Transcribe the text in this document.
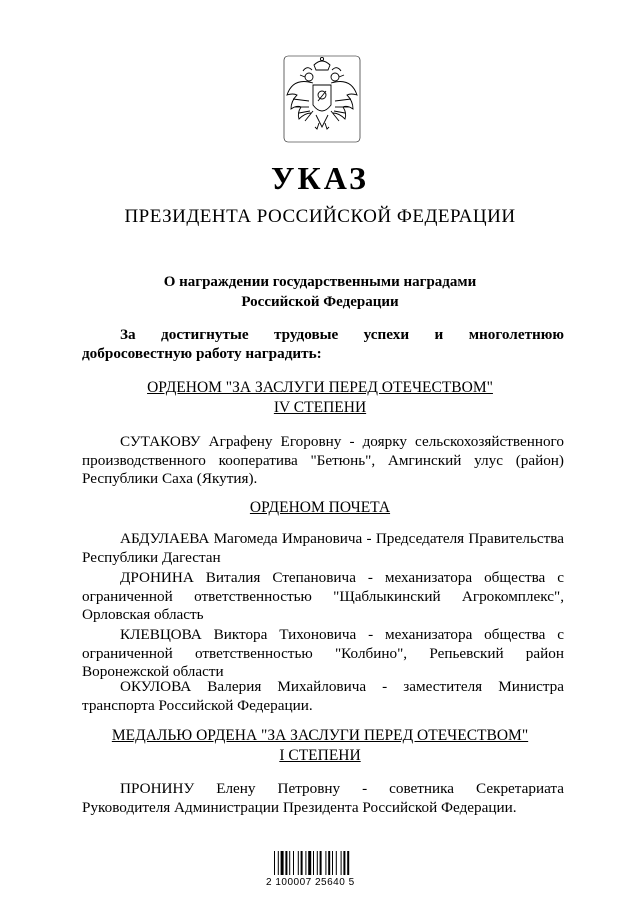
УКАЗ
ПРЕЗИДЕНТА РОССИЙСКОЙ ФЕДЕРАЦИИ
О награждении государственными наградами
Российской Федерации
За достигнутые трудовые успехи и многолетнюю добросовестную работу наградить:
ОРДЕНОМ "ЗА ЗАСЛУГИ ПЕРЕД ОТЕЧЕСТВОМ"
IV СТЕПЕНИ
СУТАКОВУ Аграфену Егоровну - доярку сельскохозяйственного производственного кооператива "Бетюнь", Амгинский улус (район) Республики Саха (Якутия).
ОРДЕНОМ ПОЧЕТА
АБДУЛАЕВА Магомеда Имрановича - Председателя Правительства Республики Дагестан
ДРОНИНА Виталия Степановича - механизатора общества с ограниченной ответственностью "Щаблыкинский Агрокомплекс", Орловская область
КЛЕВЦОВА Виктора Тихоновича - механизатора общества с ограниченной ответственностью "Колбино", Репьевский район Воронежской области
ОКУЛОВА Валерия Михайловича - заместителя Министра транспорта Российской Федерации.
МЕДАЛЬЮ ОРДЕНА "ЗА ЗАСЛУГИ ПЕРЕД ОТЕЧЕСТВОМ"
I СТЕПЕНИ
ПРОНИНУ Елену Петровну - советника Секретариата Руководителя Администрации Президента Российской Федерации.
2 100007 25640 5
